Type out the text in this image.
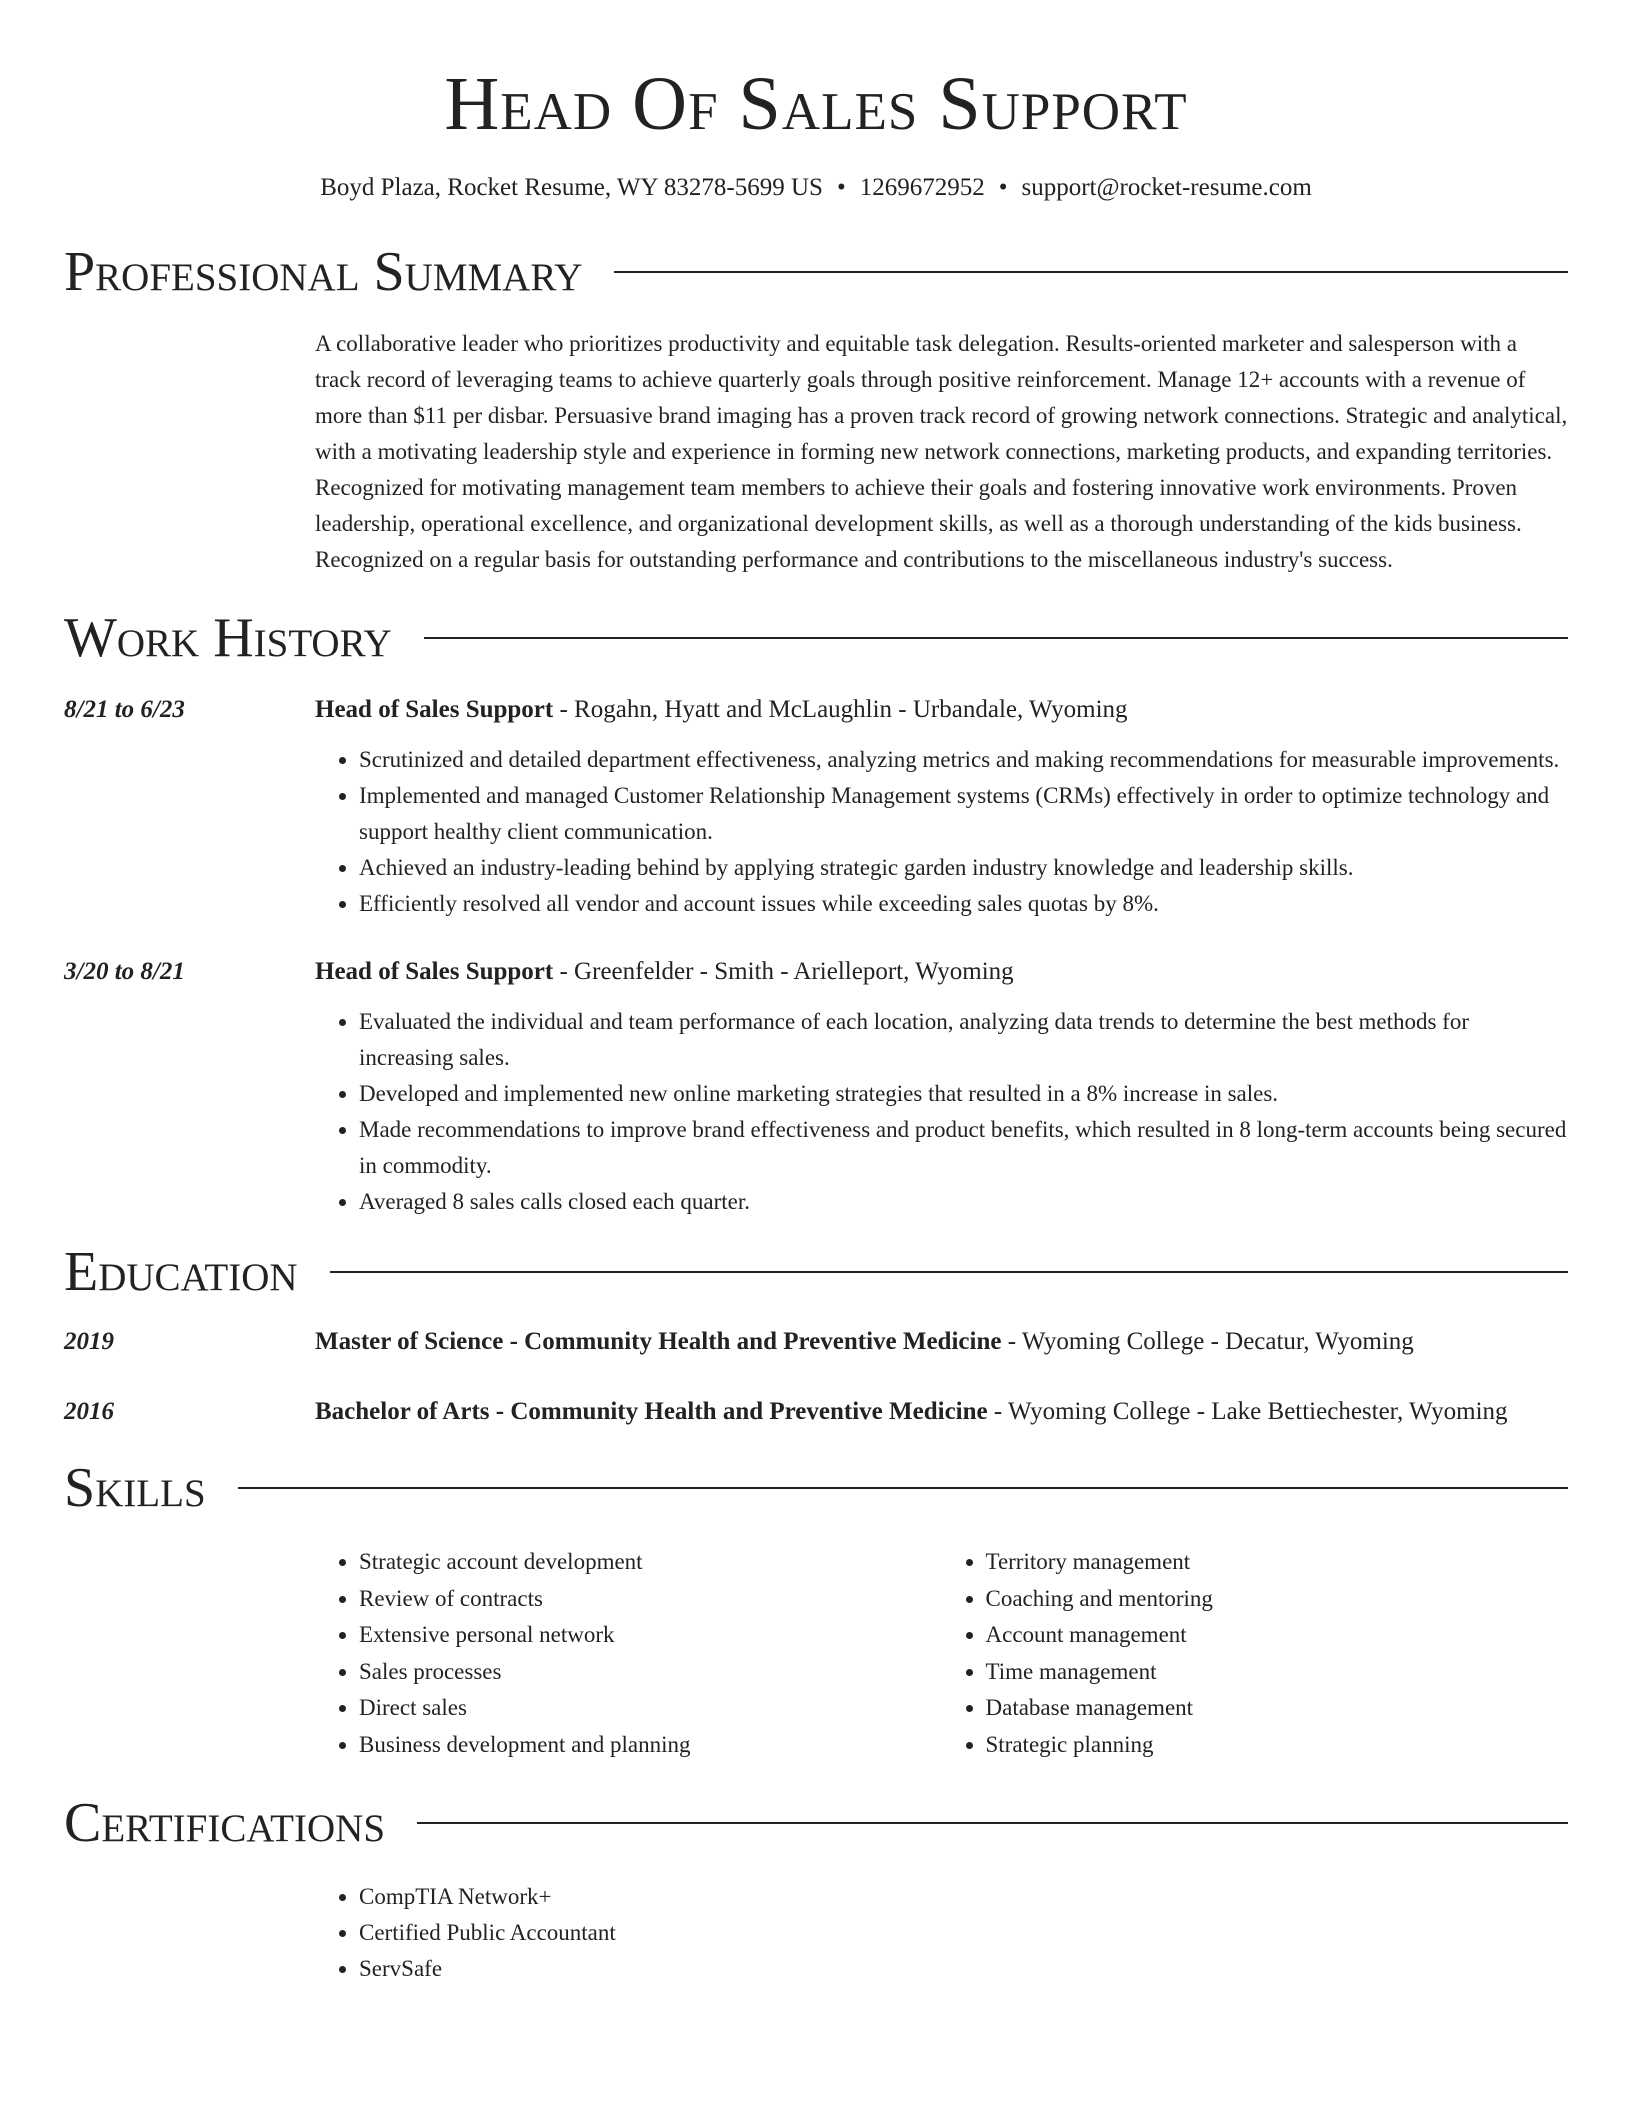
Head Of Sales Support
Boyd Plaza, Rocket Resume, WY 83278-5699 US • 1269672952 • support@rocket-resume.com
Professional Summary
A collaborative leader who prioritizes productivity and equitable task delegation. Results-oriented marketer and salesperson with a track record of leveraging teams to achieve quarterly goals through positive reinforcement. Manage 12+ accounts with a revenue of more than $11 per disbar. Persuasive brand imaging has a proven track record of growing network connections. Strategic and analytical, with a motivating leadership style and experience in forming new network connections, marketing products, and expanding territories. Recognized for motivating management team members to achieve their goals and fostering innovative work environments. Proven leadership, operational excellence, and organizational development skills, as well as a thorough understanding of the kids business. Recognized on a regular basis for outstanding performance and contributions to the miscellaneous industry's success.
Work History
8/21 to 6/23	Head of Sales Support - Rogahn, Hyatt and McLaughlin - Urbandale, Wyoming
• Scrutinized and detailed department effectiveness, analyzing metrics and making recommendations for measurable improvements.
• Implemented and managed Customer Relationship Management systems (CRMs) effectively in order to optimize technology and support healthy client communication.
• Achieved an industry-leading behind by applying strategic garden industry knowledge and leadership skills.
• Efficiently resolved all vendor and account issues while exceeding sales quotas by 8%.
3/20 to 8/21	Head of Sales Support - Greenfelder - Smith - Arielleport, Wyoming
• Evaluated the individual and team performance of each location, analyzing data trends to determine the best methods for increasing sales.
• Developed and implemented new online marketing strategies that resulted in a 8% increase in sales.
• Made recommendations to improve brand effectiveness and product benefits, which resulted in 8 long-term accounts being secured in commodity.
• Averaged 8 sales calls closed each quarter.
Education
2019	Master of Science - Community Health and Preventive Medicine - Wyoming College - Decatur, Wyoming
2016	Bachelor of Arts - Community Health and Preventive Medicine - Wyoming College - Lake Bettiechester, Wyoming
Skills
• Strategic account development
• Review of contracts
• Extensive personal network
• Sales processes
• Direct sales
• Business development and planning
• Territory management
• Coaching and mentoring
• Account management
• Time management
• Database management
• Strategic planning
Certifications
• CompTIA Network+
• Certified Public Accountant
• ServSafe
